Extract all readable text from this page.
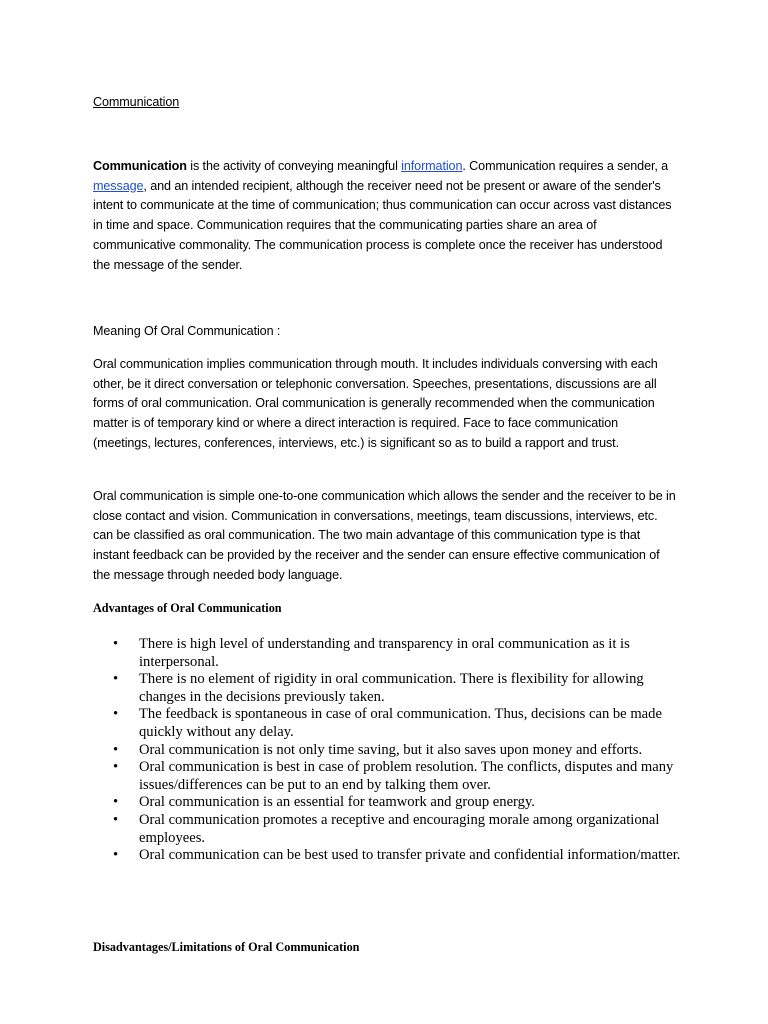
Communication

Communication is the activity of conveying meaningful information. Communication requires a sender, a message, and an intended recipient, although the receiver need not be present or aware of the sender's intent to communicate at the time of communication; thus communication can occur across vast distances in time and space. Communication requires that the communicating parties share an area of communicative commonality. The communication process is complete once the receiver has understood the message of the sender.

Meaning Of Oral Communication :

Oral communication implies communication through mouth. It includes individuals conversing with each other, be it direct conversation or telephonic conversation. Speeches, presentations, discussions are all forms of oral communication. Oral communication is generally recommended when the communication matter is of temporary kind or where a direct interaction is required. Face to face communication (meetings, lectures, conferences, interviews, etc.) is significant so as to build a rapport and trust.

Oral communication is simple one-to-one communication which allows the sender and the receiver to be in close contact and vision. Communication in conversations, meetings, team discussions, interviews, etc. can be classified as oral communication. The two main advantage of this communication type is that instant feedback can be provided by the receiver and the sender can ensure effective communication of the message through needed body language.

Advantages of Oral Communication
• There is high level of understanding and transparency in oral communication as it is interpersonal.
• There is no element of rigidity in oral communication. There is flexibility for allowing changes in the decisions previously taken.
• The feedback is spontaneous in case of oral communication. Thus, decisions can be made quickly without any delay.
• Oral communication is not only time saving, but it also saves upon money and efforts.
• Oral communication is best in case of problem resolution. The conflicts, disputes and many issues/differences can be put to an end by talking them over.
• Oral communication is an essential for teamwork and group energy.
• Oral communication promotes a receptive and encouraging morale among organizational employees.
• Oral communication can be best used to transfer private and confidential information/matter.
Disadvantages/Limitations of Oral Communication
